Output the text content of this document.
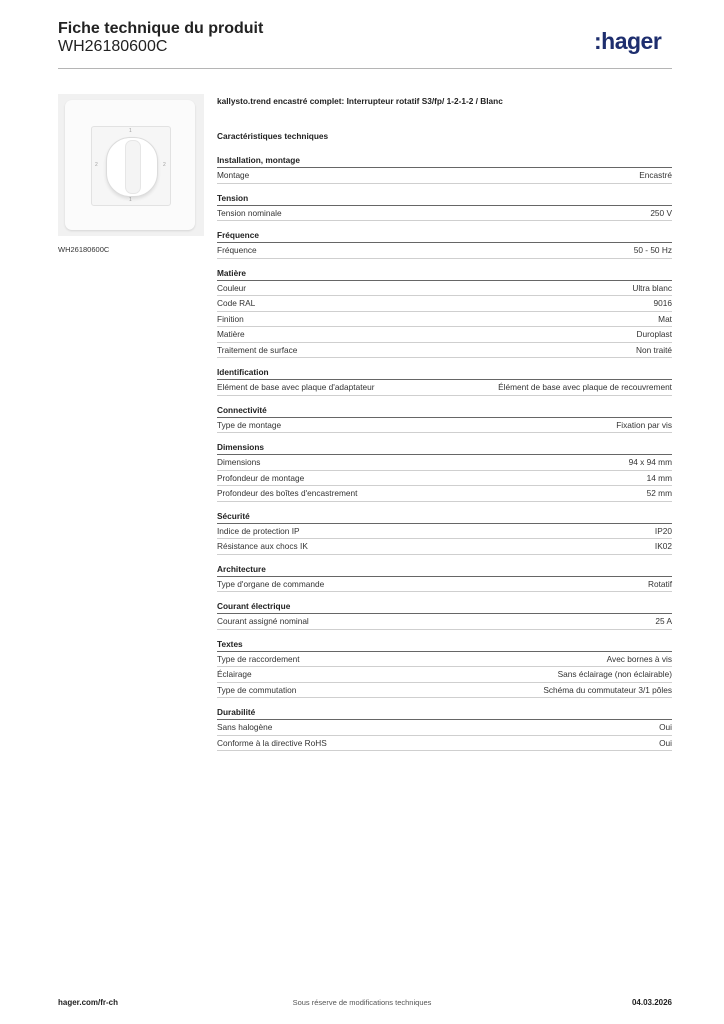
Fiche technique du produit
WH26180600C	:hager
1
2	2
1
WH26180600C
kallysto.trend encastré complet: Interrupteur rotatif S3/fp/ 1-2-1-2 / Blanc
Caractéristiques techniques
Installation, montage
Montage	Encastré
Tension
Tension nominale	250 V
Fréquence
Fréquence	50 - 50 Hz
Matière
Couleur	Ultra blanc
Code RAL	9016
Finition	Mat
Matière	Duroplast
Traitement de surface	Non traité
Identification
Elément de base avec plaque d'adaptateur	Élément de base avec plaque de recouvrement
Connectivité
Type de montage	Fixation par vis
Dimensions
Dimensions	94 x 94 mm
Profondeur de montage	14 mm
Profondeur des boîtes d'encastrement	52 mm
Sécurité
Indice de protection IP	IP20
Résistance aux chocs IK	IK02
Architecture
Type d'organe de commande	Rotatif
Courant électrique
Courant assigné nominal	25 A
Textes
Type de raccordement	Avec bornes à vis
Éclairage	Sans éclairage (non éclairable)
Type de commutation	Schéma du commutateur 3/1 pôles
Durabilité
Sans halogène	Oui
Conforme à la directive RoHS	Oui
hager.com/fr-ch	Sous réserve de modifications techniques	04.03.2026
